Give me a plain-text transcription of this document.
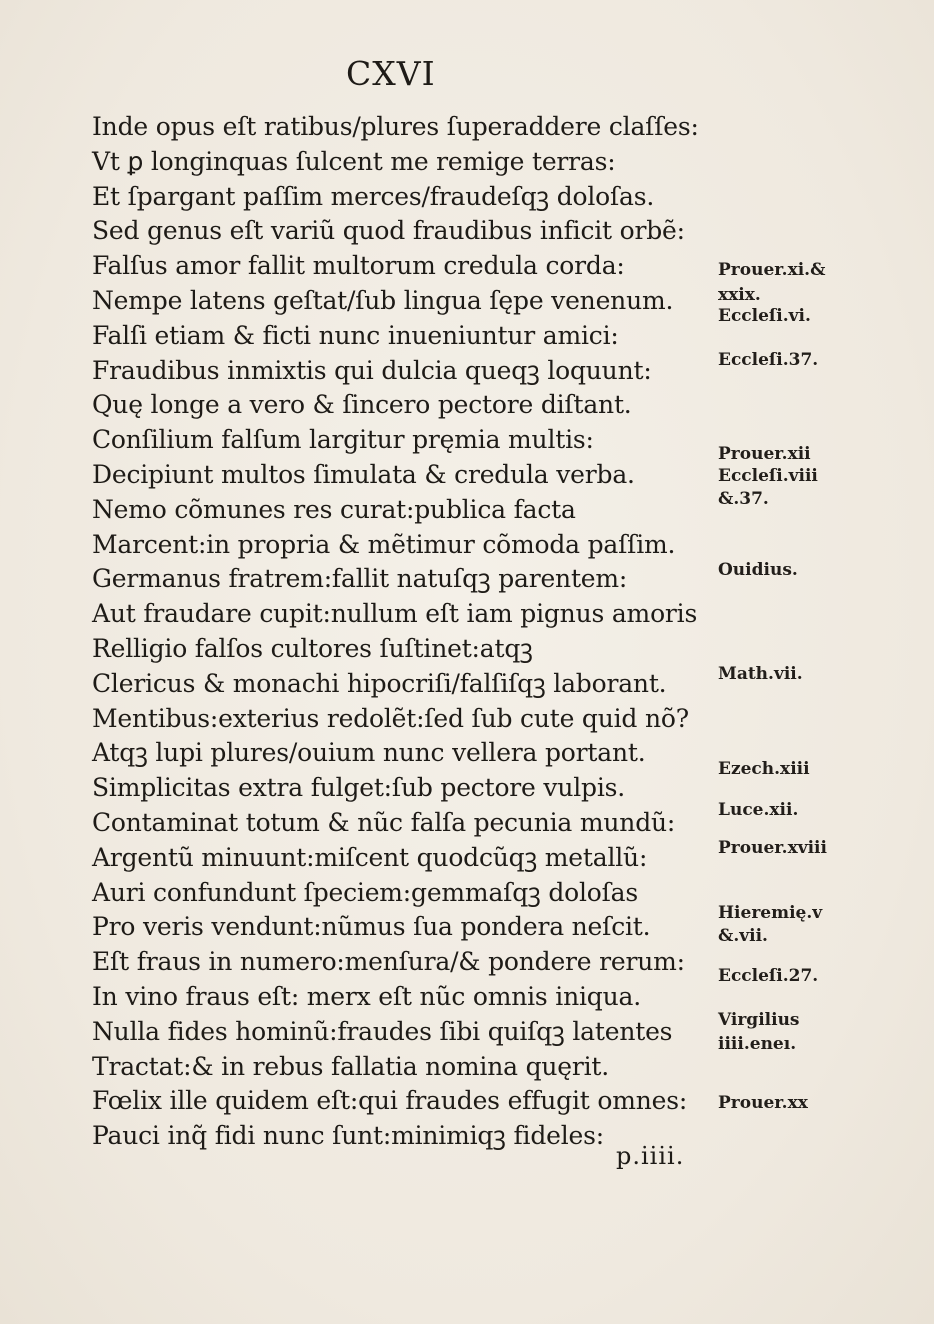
CXVI
Inde opus eſt ratibus/plures ſuperaddere claſſes:
Vt ꝑ longinquas ſulcent me remige terras:
Et ſpargant paſſim merces/fraudeſqꝫ doloſas.
Sed genus eſt variũ quod fraudibus inficit orbẽ:
Falſus amor fallit multorum credula corda:
Nempe latens geſtat/ſub lingua ſępe venenum.
Falſi etiam & ficti nunc inueniuntur amici:
Fraudibus inmixtis qui dulcia queqꝫ loquunt:
Quę longe a vero & ſincero pectore diſtant.
Conſilium falſum largitur pręmia multis:
Decipiunt multos ſimulata & credula verba.
Nemo cõmunes res curat:publica facta
Marcent:in propria & mẽtimur cõmoda paſſim.
Germanus fratrem:fallit natuſqꝫ parentem:
Aut fraudare cupit:nullum eſt iam pignus amoris
Relligio falſos cultores ſuſtinet:atqꝫ
Clericus & monachi hipocriſi/falſiſqꝫ laborant.
Mentibus:exterius redolẽt:ſed ſub cute quid nõ?
Atqꝫ lupi plures/ouium nunc vellera portant.
Simplicitas extra fulget:ſub pectore vulpis.
Contaminat totum & nũc falſa pecunia mundũ:
Argentũ minuunt:miſcent quodcũqꝫ metallũ:
Auri confundunt ſpeciem:gemmaſqꝫ doloſas
Pro veris vendunt:nũmus ſua pondera neſcit.
Eſt fraus in numero:menſura/& pondere rerum:
In vino fraus eſt: merx eſt nũc omnis iniqua.
Nulla fides hominũ:fraudes ſibi quiſqꝫ latentes
Tractat:& in rebus fallatia nomina quęrit.
Fœlix ille quidem eſt:qui fraudes effugit omnes:
Pauci inq̃ fidi nunc ſunt:minimiqꝫ fideles:
Prouer.xi.&
xxix.
Eccleſi.vi.
Eccleſi.37.
Prouer.xii
Eccleſi.viii
&.37.
Ouidius.
Math.vii.
Ezech.xiii
Luce.xii.
Prouer.xviii
Hieremię.v
&.vii.
Eccleſi.27.
Virgilius
iiii.eneı.
Prouer.xx
p.iiii.
